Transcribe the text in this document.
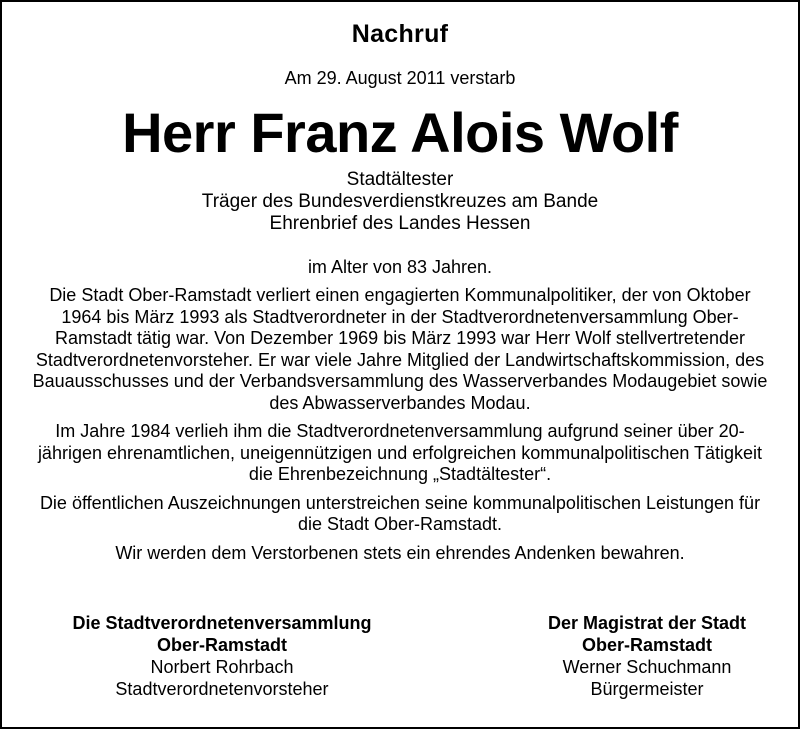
Nachruf
Am 29. August 2011 verstarb
Herr Franz Alois Wolf
Stadtältester
Träger des Bundesverdienstkreuzes am Bande
Ehrenbrief des Landes Hessen
im Alter von 83 Jahren.

Die Stadt Ober-Ramstadt verliert einen engagierten Kommunalpolitiker, der von Oktober 1964 bis März 1993 als Stadtverordneter in der Stadtverordnetenversammlung Ober-Ramstadt tätig war. Von Dezember 1969 bis März 1993 war Herr Wolf stellvertretender Stadtverordnetenvorsteher. Er war viele Jahre Mitglied der Landwirtschaftskommission, des Bauausschusses und der Verbandsversammlung des Wasserverbandes Modaugebiet sowie des Abwasserverbandes Modau.

Im Jahre 1984 verlieh ihm die Stadtverordnetenversammlung aufgrund seiner über 20-jährigen ehrenamtlichen, uneigennützigen und erfolgreichen kommunalpolitischen Tätigkeit die Ehrenbezeichnung „Stadtältester“.

Die öffentlichen Auszeichnungen unterstreichen seine kommunalpolitischen Leistungen für die Stadt Ober-Ramstadt.

Wir werden dem Verstorbenen stets ein ehrendes Andenken bewahren.

Die Stadtverordnetenversammlung
Ober-Ramstadt
Norbert Rohrbach
Stadtverordnetenvorsteher
Der Magistrat der Stadt
Ober-Ramstadt
Werner Schuchmann
Bürgermeister
